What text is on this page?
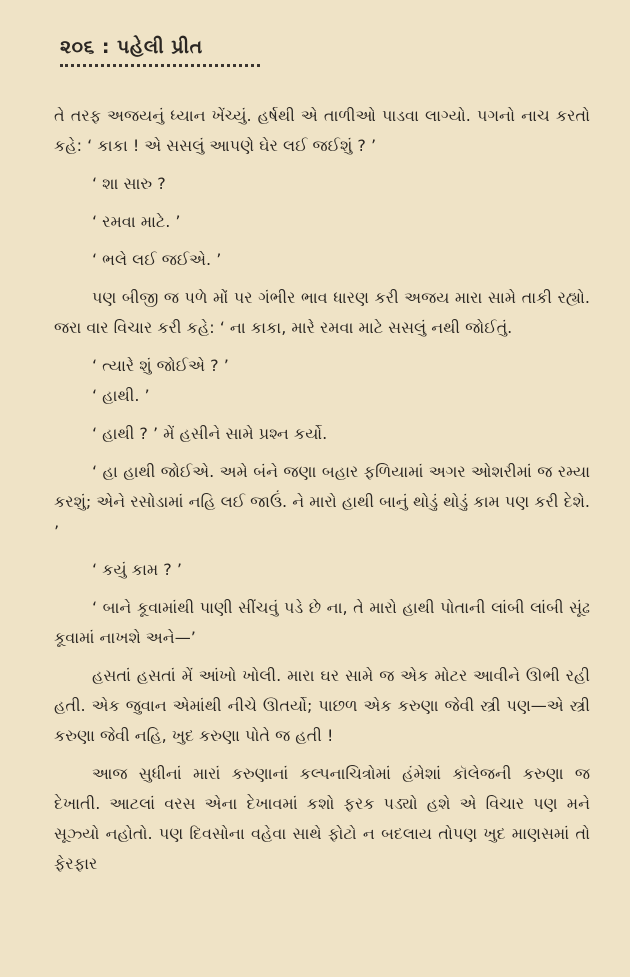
૨૦૬ : પહેલી પ્રીત
તે તરફ અજયનું ધ્યાન ખેંચ્યું. હર્ષથી એ તાળીઓ પાડવા લાગ્યો. પગનો નાચ કરતો કહે: ‘ કાકા ! એ સસલું આપણે ઘેર લઈ જઈશું ? ’
‘ શા સારુ ?
‘ રમવા માટે. ’
‘ ભલે લઈ જઈએ. ’
પણ બીજી જ પળે મોં પર ગંભીર ભાવ ધારણ કરી અજય મારા સામે તાકી રહ્યો. જરા વાર વિચાર કરી કહે: ‘ ના કાકા, મારે રમવા માટે સસલું નથી જોઈતું.
‘ ત્યારે શું જોઈએ ? ’
‘ હાથી. ’
‘ હાથી ? ’ મેં હસીને સામે પ્રશ્ન કર્યો.
‘ હા હાથી જોઈએ. અમે બંને જણા બહાર ફળિયામાં અગર ઓશરીમાં જ રમ્યા કરશું; એને રસોડામાં નહિ લઈ જાઉં. ને મારો હાથી બાનું થોડું થોડું કામ પણ કરી દેશે. ’
‘ કયું કામ ? ’
‘ બાને કૂવામાંથી પાણી સીંચવું પડે છે ના, તે મારો હાથી પોતાની લાંબી લાંબી સૂંઢ કૂવામાં નાખશે અને—’
હસતાં હસતાં મેં આંખો ખોલી. મારા ઘર સામે જ એક મોટર આવીને ઊભી રહી હતી. એક જુવાન એમાંથી નીચે ઊતર્યો; પાછળ એક કરુણા જેવી સ્ત્રી પણ—એ સ્ત્રી કરુણા જેવી નહિ, ખુદ કરુણા પોતે જ હતી !
આજ સુધીનાં મારાં કરુણાનાં કલ્પનાચિત્રોમાં હંમેશાં કૉલેજની કરુણા જ દેખાતી. આટલાં વરસ એના દેખાવમાં કશો ફરક પડ્યો હશે એ વિચાર પણ મને સૂઝ્યો નહોતો. પણ દિવસોના વહેવા સાથે ફોટો ન બદલાય તોપણ ખુદ માણસમાં તો ફેરફાર
